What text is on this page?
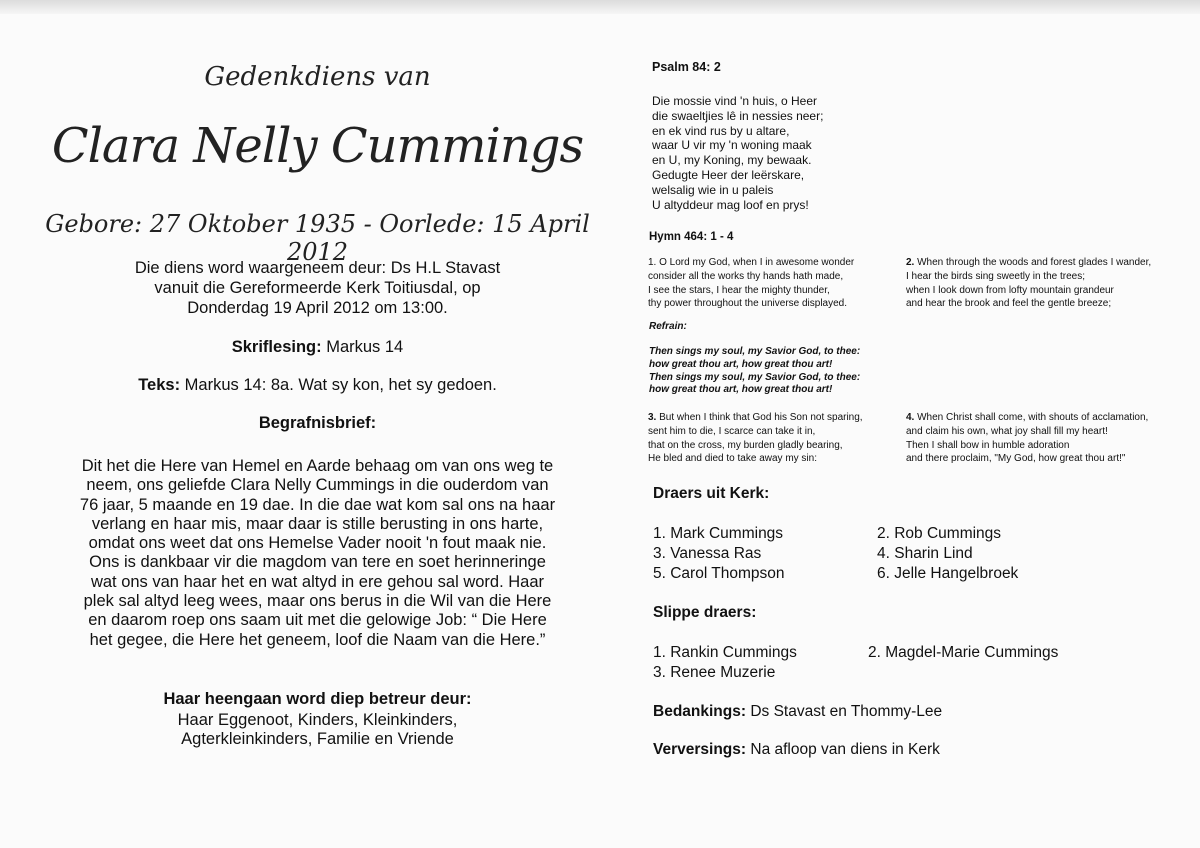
Gedenkdiens van
Clara Nelly Cummings
Gebore: 27 Oktober 1935 - Oorlede: 15 April 2012
Die diens word waargeneem deur: Ds H.L Stavast
vanuit die Gereformeerde Kerk Toitiusdal, op
Donderdag 19 April 2012 om 13:00.
Skriflesing: Markus 14
Teks: Markus 14: 8a. Wat sy kon, het sy gedoen.
Begrafnisbrief:
Dit het die Here van Hemel en Aarde behaag om van ons weg te
neem, ons geliefde Clara Nelly Cummings in die ouderdom van
76 jaar, 5 maande en 19 dae. In die dae wat kom sal ons na haar
verlang en haar mis, maar daar is stille berusting in ons harte,
omdat ons weet dat ons Hemelse Vader nooit 'n fout maak nie.
Ons is dankbaar vir die magdom van tere en soet herinneringe
wat ons van haar het en wat altyd in ere gehou sal word. Haar
plek sal altyd leeg wees, maar ons berus in die Wil van die Here
en daarom roep ons saam uit met die gelowige Job: “ Die Here
het gegee, die Here het geneem, loof die Naam van die Here.”
Haar heengaan word diep betreur deur:
Haar Eggenoot, Kinders, Kleinkinders,
Agterkleinkinders, Familie en Vriende
Psalm 84: 2
Die mossie vind 'n huis, o Heer
die swaeltjies lê in nessies neer;
en ek vind rus by u altare,
waar U vir my 'n woning maak
en U, my Koning, my bewaak.
Gedugte Heer der leërskare,
welsalig wie in u paleis
U altyddeur mag loof en prys!
Hymn 464: 1 - 4
1. O Lord my God, when I in awesome wonder
consider all the works thy hands hath made,
I see the stars, I hear the mighty thunder,
thy power throughout the universe displayed.
2. When through the woods and forest glades I wander,
I hear the birds sing sweetly in the trees;
when I look down from lofty mountain grandeur
and hear the brook and feel the gentle breeze;
Refrain:
Then sings my soul, my Savior God, to thee:
how great thou art, how great thou art!
Then sings my soul, my Savior God, to thee:
how great thou art, how great thou art!
3. But when I think that God his Son not sparing,
sent him to die, I scarce can take it in,
that on the cross, my burden gladly bearing,
He bled and died to take away my sin:
4. When Christ shall come, with shouts of acclamation,
and claim his own, what joy shall fill my heart!
Then I shall bow in humble adoration
and there proclaim, "My God, how great thou art!"
Draers uit Kerk:
1. Mark Cummings
3. Vanessa Ras
5. Carol Thompson
2. Rob Cummings
4. Sharin Lind
6. Jelle Hangelbroek
Slippe draers:
1. Rankin Cummings
3. Renee Muzerie
2. Magdel-Marie Cummings
Bedankings: Ds Stavast en Thommy-Lee
Verversings: Na afloop van diens in Kerk
